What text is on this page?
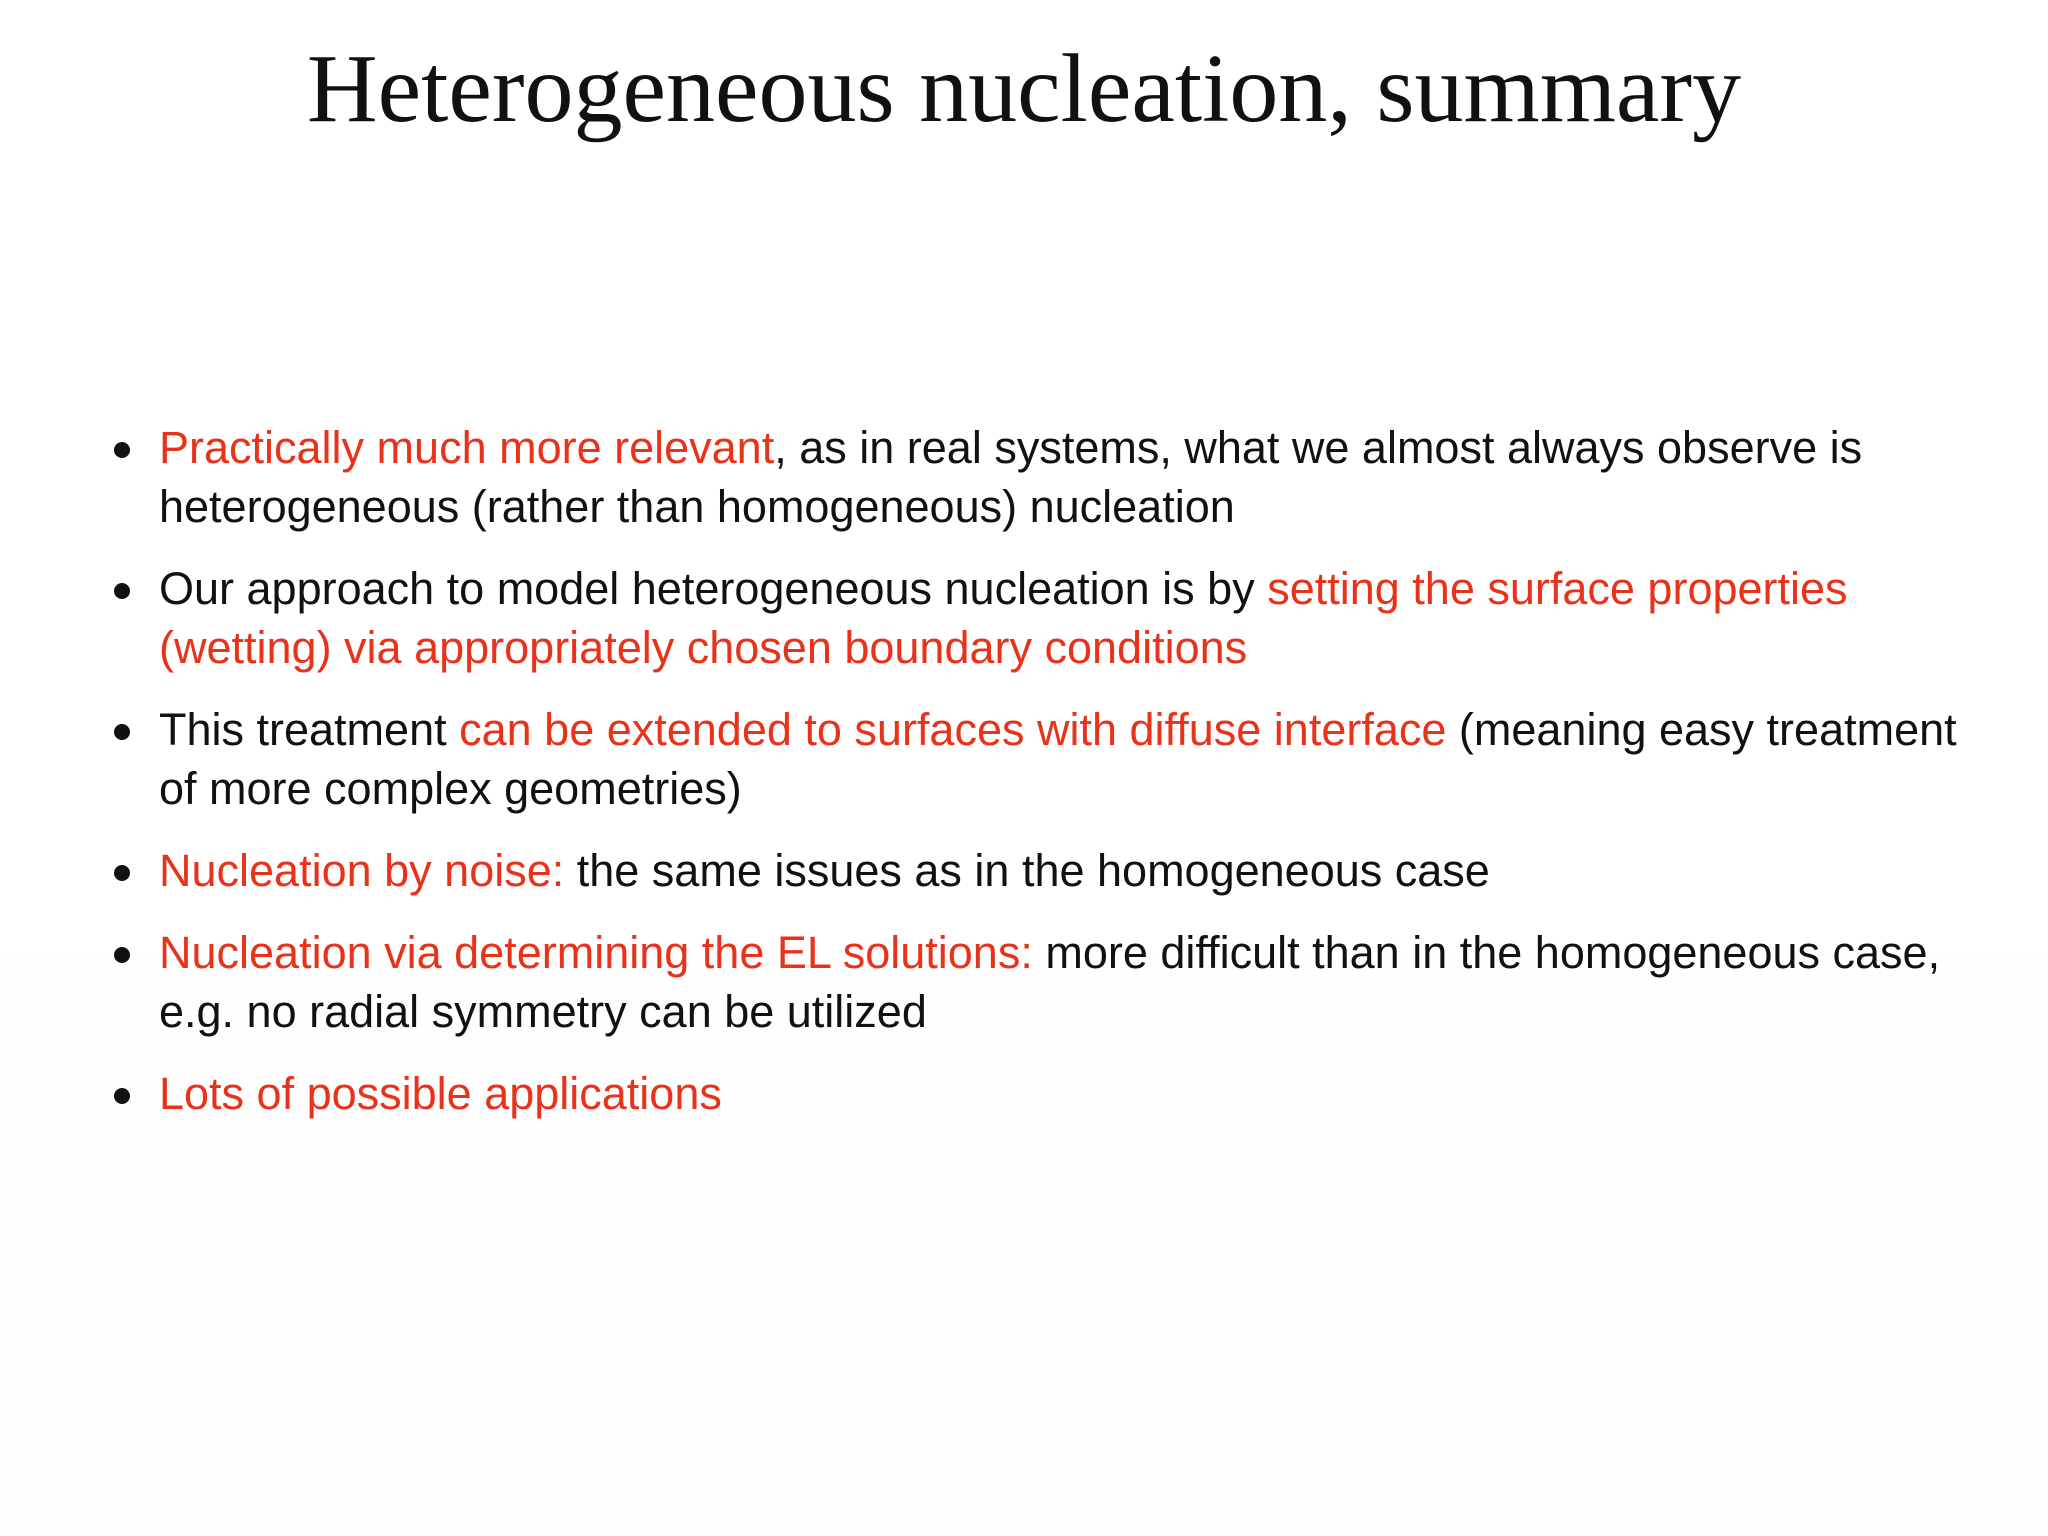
Heterogeneous nucleation, summary
Practically much more relevant, as in real systems, what we almost always observe is heterogeneous (rather than homogeneous) nucleation
Our approach to model heterogeneous nucleation is by setting the surface properties (wetting) via appropriately chosen boundary conditions
This treatment can be extended to surfaces with diffuse interface (meaning easy treatment of more complex geometries)
Nucleation by noise: the same issues as in the homogeneous case
Nucleation via determining the EL solutions: more difficult than in the homogeneous case, e.g. no radial symmetry can be utilized
Lots of possible applications
